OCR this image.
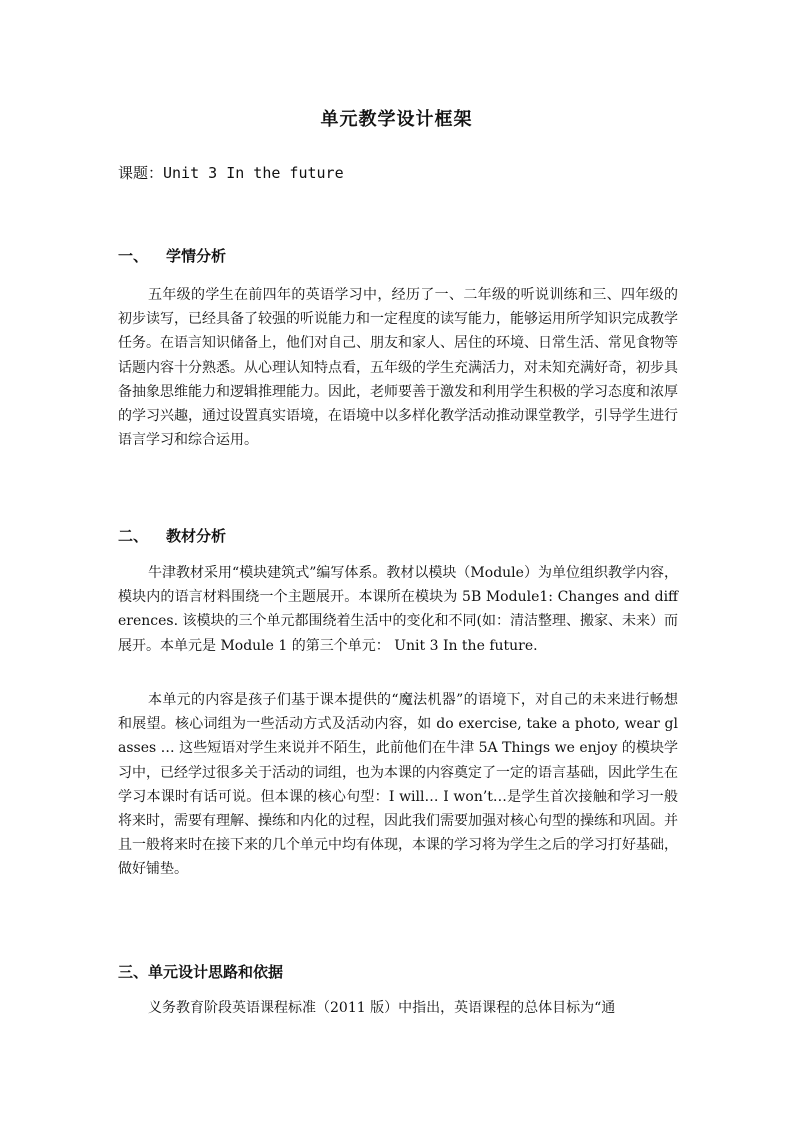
单元教学设计框架
课题：Unit 3 In the future
一、 学情分析
五年级的学生在前四年的英语学习中，经历了一、二年级的听说训练和三、四年级的初步读写，已经具备了较强的听说能力和一定程度的读写能力，能够运用所学知识完成教学任务。在语言知识储备上，他们对自己、朋友和家人、居住的环境、日常生活、常见食物等话题内容十分熟悉。从心理认知特点看，五年级的学生充满活力，对未知充满好奇，初步具备抽象思维能力和逻辑推理能力。因此，老师要善于激发和利用学生积极的学习态度和浓厚的学习兴趣，通过设置真实语境，在语境中以多样化教学活动推动课堂教学，引导学生进行语言学习和综合运用。
二、 教材分析
牛津教材采用“模块建筑式”编写体系。教材以模块（Module）为单位组织教学内容，模块内的语言材料围绕一个主题展开。本课所在模块为 5B Module1: Changes and differences. 该模块的三个单元都围绕着生活中的变化和不同(如：清洁整理、搬家、未来）而展开。本单元是 Module 1 的第三个单元： Unit 3 In the future.
本单元的内容是孩子们基于课本提供的“魔法机器”的语境下，对自己的未来进行畅想和展望。核心词组为一些活动方式及活动内容，如 do exercise, take a photo, wear glasses … 这些短语对学生来说并不陌生，此前他们在牛津 5A Things we enjoy 的模块学习中，已经学过很多关于活动的词组，也为本课的内容奠定了一定的语言基础，因此学生在学习本课时有话可说。但本课的核心句型：I will… I won’t…是学生首次接触和学习一般将来时，需要有理解、操练和内化的过程，因此我们需要加强对核心句型的操练和巩固。并且一般将来时在接下来的几个单元中均有体现，本课的学习将为学生之后的学习打好基础，做好铺垫。
三、单元设计思路和依据
义务教育阶段英语课程标准（2011 版）中指出，英语课程的总体目标为“通
